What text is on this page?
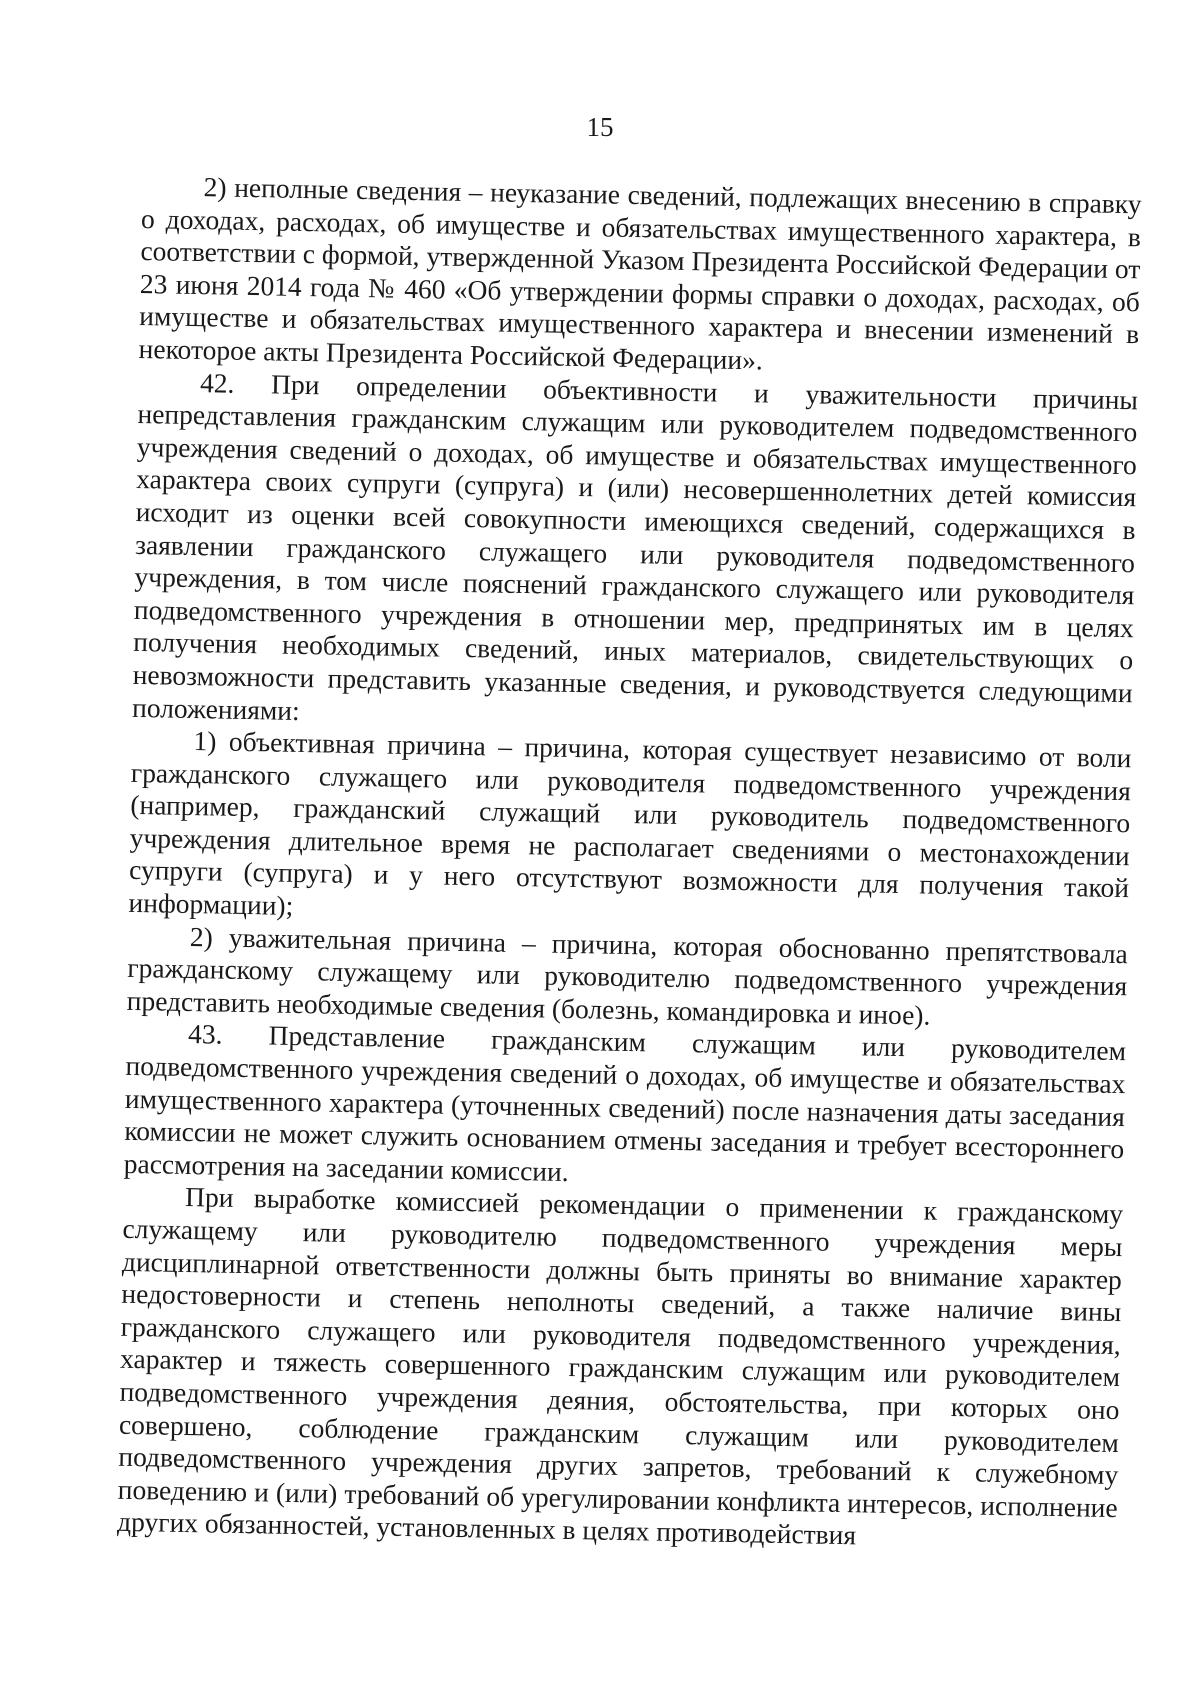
15

2) неполные сведения – неуказание сведений, подлежащих внесению в справку о доходах, расходах, об имуществе и обязательствах имущественного характера, в соответствии с формой, утвержденной Указом Президента Российской Федерации от 23 июня 2014 года № 460 «Об утверждении формы справки о доходах, расходах, об имуществе и обязательствах имущественного характера и внесении изменений в некоторое акты Президента Российской Федерации».

42. При определении объективности и уважительности причины непредставления гражданским служащим или руководителем подведомственного учреждения сведений о доходах, об имуществе и обязательствах имущественного характера своих супруги (супруга) и (или) несовершеннолетних детей комиссия исходит из оценки всей совокупности имеющихся сведений, содержащихся в заявлении гражданского служащего или руководителя подведомственного учреждения, в том числе пояснений гражданского служащего или руководителя подведомственного учреждения в отношении мер, предпринятых им в целях получения необходимых сведений, иных материалов, свидетельствующих о невозможности представить указанные сведения, и руководствуется следующими положениями:

1) объективная причина – причина, которая существует независимо от воли гражданского служащего или руководителя подведомственного учреждения (например, гражданский служащий или руководитель подведомственного учреждения длительное время не располагает сведениями о местонахождении супруги (супруга) и у него отсутствуют возможности для получения такой информации);

2) уважительная причина – причина, которая обоснованно препятствовала гражданскому служащему или руководителю подведомственного учреждения представить необходимые сведения (болезнь, командировка и иное).

43. Представление гражданским служащим или руководителем подведомственного учреждения сведений о доходах, об имуществе и обязательствах имущественного характера (уточненных сведений) после назначения даты заседания комиссии не может служить основанием отмены заседания и требует всестороннего рассмотрения на заседании комиссии.

При выработке комиссией рекомендации о применении к гражданскому служащему или руководителю подведомственного учреждения меры дисциплинарной ответственности должны быть приняты во внимание характер недостоверности и степень неполноты сведений, а также наличие вины гражданского служащего или руководителя подведомственного учреждения, характер и тяжесть совершенного гражданским служащим или руководителем подведомственного учреждения деяния, обстоятельства, при которых оно совершено, соблюдение гражданским служащим или руководителем подведомственного учреждения других запретов, требований к служебному поведению и (или) требований об урегулировании конфликта интересов, исполнение других обязанностей, установленных в целях противодействия
